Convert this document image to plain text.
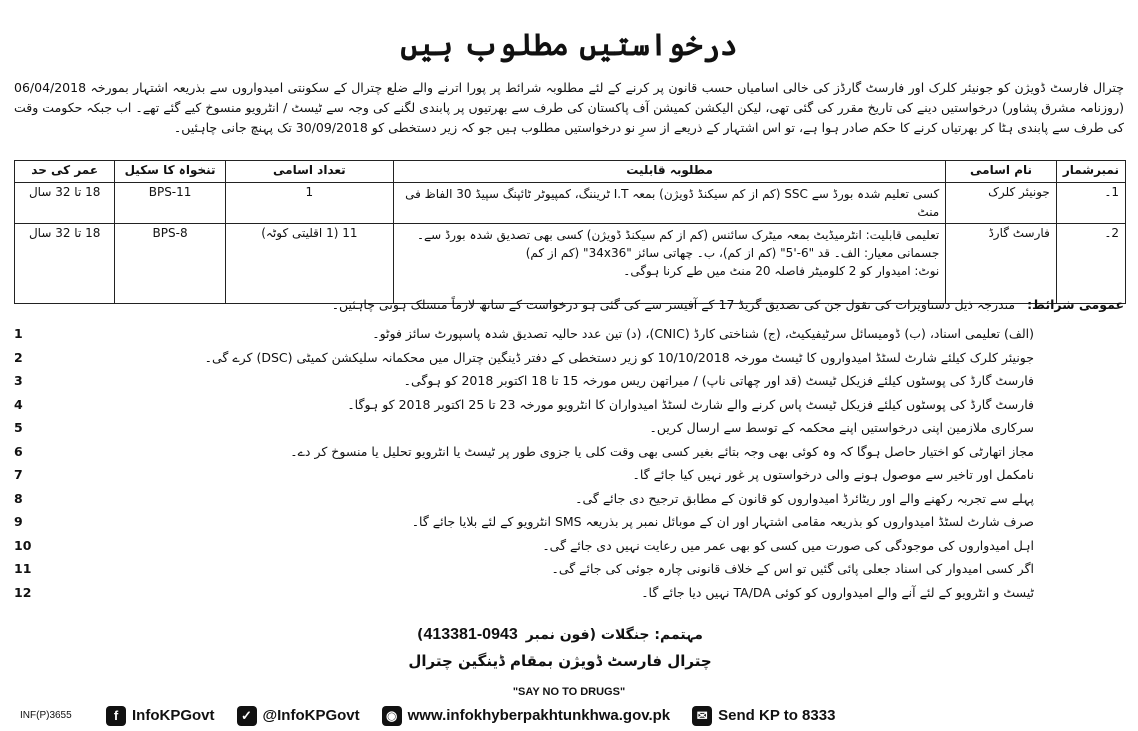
درخواستیں مطلوب ہیں
چترال فارسٹ ڈویژن کو جونیئر کلرک اور فارسٹ گارڈز کی خالی اسامیاں حسب قانون پر کرنے کے لئے مطلوبہ شرائط پر پورا اترنے والے ضلع چترال کے سکونتی امیدواروں سے بذریعہ اشتہار بمورخہ 06/04/2018 (روزنامہ مشرق پشاور) درخواستیں دینے کی تاریخ مقرر کی گئی تھی، لیکن الیکشن کمیشن آف پاکستان کی طرف سے بھرتیوں پر پابندی لگنے کی وجہ سے ٹیسٹ / انٹرویو منسوخ کیے گئے تھے۔ اب جبکہ حکومت وقت کی طرف سے پابندی ہٹا کر بھرتیاں کرنے کا حکم صادر ہوا ہے، تو اس اشتہار کے ذریعے از سرِ نو درخواستیں مطلوب ہیں جو کہ زیر دستخطی کو 30/09/2018 تک پہنچ جانی چاہئیں۔
نمبرشمار	نام اسامی	مطلوبہ قابلیت	تعداد اسامی	تنخواہ کا سکیل	عمر کی حد
1۔	جونیئر کلرک	کسی تعلیم شدہ بورڈ سے SSC (کم از کم سیکنڈ ڈویژن) بمعہ I.T ٹریننگ، کمپیوٹر ٹائپنگ سپیڈ 30 الفاظ فی منٹ	1	BPS-11	18 تا 32 سال
2۔	فارسٹ گارڈ	تعلیمی قابلیت: انٹرمیڈیٹ بمعہ میٹرک سائنس (کم از کم سیکنڈ ڈویژن) کسی بھی تصدیق شدہ بورڈ سے۔
جسمانی معیار: الف۔ قد "6-'5" (کم از کم)، ب۔ چھاتی سائز "34x36" (کم از کم)
نوٹ: امیدوار کو 2 کلومیٹر فاصلہ 20 منٹ میں طے کرنا ہوگی۔	11 (1 اقلیتی کوٹہ)	BPS-8	18 تا 32 سال
عمومی شرائط: مندرجہ ذیل دستاویزات کی نقول جن کی تصدیق گریڈ 17 کے آفیسر سے کی گئی ہو درخواست کے ساتھ لازماً منسلک ہونی چاہئیں۔
(الف) تعلیمی اسناد، (ب) ڈومیسائل سرٹیفیکیٹ، (ج) شناختی کارڈ (CNIC)، (د) تین عدد حالیہ تصدیق شدہ پاسپورٹ سائز فوٹو۔
1
جونیئر کلرک کیلئے شارٹ لسٹڈ امیدواروں کا ٹیسٹ مورخہ 10/10/2018 کو زیر دستخطی کے دفتر ڈینگین چترال میں محکمانہ سلیکشن کمیٹی (DSC) کرے گی۔
2
فارسٹ گارڈ کی پوسٹوں کیلئے فزیکل ٹیسٹ (قد اور چھاتی ناپ) / میراتھن ریس مورخہ 15 تا 18 اکتوبر 2018 کو ہوگی۔
3
فارسٹ گارڈ کی پوسٹوں کیلئے فزیکل ٹیسٹ پاس کرنے والے شارٹ لسٹڈ امیدواران کا انٹرویو مورخہ 23 تا 25 اکتوبر 2018 کو ہوگا۔
4
سرکاری ملازمین اپنی درخواستیں اپنے محکمہ کے توسط سے ارسال کریں۔
5
مجاز اتھارٹی کو اختیار حاصل ہوگا کہ وہ کوئی بھی وجہ بتائے بغیر کسی بھی وقت کلی یا جزوی طور پر ٹیسٹ یا انٹرویو تحلیل یا منسوخ کر دے۔
6
نامکمل اور تاخیر سے موصول ہونے والی درخواستوں پر غور نہیں کیا جائے گا۔
7
پہلے سے تجربہ رکھنے والے اور ریٹائرڈ امیدواروں کو قانون کے مطابق ترجیح دی جائے گی۔
8
صرف شارٹ لسٹڈ امیدواروں کو بذریعہ مقامی اشتہار اور ان کے موبائل نمبر پر بذریعہ SMS انٹرویو کے لئے بلایا جائے گا۔
9
اہل امیدواروں کی موجودگی کی صورت میں کسی کو بھی عمر میں رعایت نہیں دی جائے گی۔
10
اگر کسی امیدوار کی اسناد جعلی پائی گئیں تو اس کے خلاف قانونی چارہ جوئی کی جائے گی۔
11
ٹیسٹ و انٹرویو کے لئے آنے والے امیدواروں کو کوئی TA/DA نہیں دیا جائے گا۔
12
مہتمم: جنگلات (فون نمبر0943-413381)
چترال فارسٹ ڈویژن بمقام ڈینگین چترال
"SAY NO TO DRUGS"
INF(P)3655	f InfoKPGovt	✓ @InfoKPGovt	◉ www.infokhyberpakhtunkhwa.gov.pk	✉ Send KP to 8333
